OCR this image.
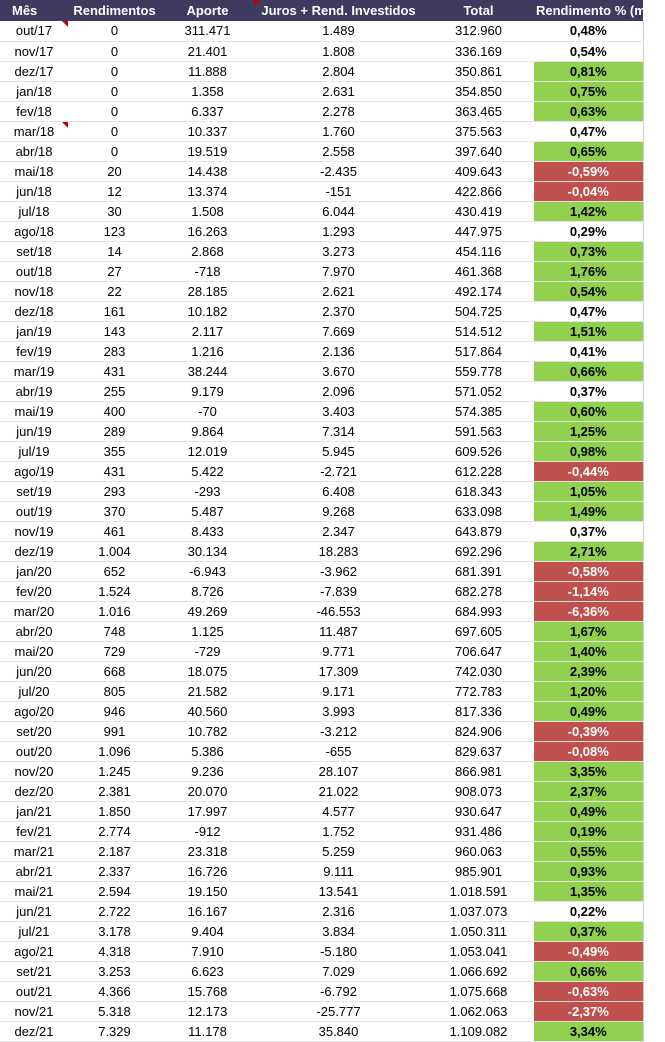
Mês	Rendimentos	Aporte	Juros + Rend. Investidos	Total	Rendimento % (mês)
out/17	0	311.471	1.489	312.960	0,48%
nov/17	0	21.401	1.808	336.169	0,54%
dez/17	0	11.888	2.804	350.861	0,81%
jan/18	0	1.358	2.631	354.850	0,75%
fev/18	0	6.337	2.278	363.465	0,63%
mar/18	0	10.337	1.760	375.563	0,47%
abr/18	0	19.519	2.558	397.640	0,65%
mai/18	20	14.438	-2.435	409.643	-0,59%
jun/18	12	13.374	-151	422.866	-0,04%
jul/18	30	1.508	6.044	430.419	1,42%
ago/18	123	16.263	1.293	447.975	0,29%
set/18	14	2.868	3.273	454.116	0,73%
out/18	27	-718	7.970	461.368	1,76%
nov/18	22	28.185	2.621	492.174	0,54%
dez/18	161	10.182	2.370	504.725	0,47%
jan/19	143	2.117	7.669	514.512	1,51%
fev/19	283	1.216	2.136	517.864	0,41%
mar/19	431	38.244	3.670	559.778	0,66%
abr/19	255	9.179	2.096	571.052	0,37%
mai/19	400	-70	3.403	574.385	0,60%
jun/19	289	9.864	7.314	591.563	1,25%
jul/19	355	12.019	5.945	609.526	0,98%
ago/19	431	5.422	-2.721	612.228	-0,44%
set/19	293	-293	6.408	618.343	1,05%
out/19	370	5.487	9.268	633.098	1,49%
nov/19	461	8.433	2.347	643.879	0,37%
dez/19	1.004	30.134	18.283	692.296	2,71%
jan/20	652	-6.943	-3.962	681.391	-0,58%
fev/20	1.524	8.726	-7.839	682.278	-1,14%
mar/20	1.016	49.269	-46.553	684.993	-6,36%
abr/20	748	1.125	11.487	697.605	1,67%
mai/20	729	-729	9.771	706.647	1,40%
jun/20	668	18.075	17.309	742.030	2,39%
jul/20	805	21.582	9.171	772.783	1,20%
ago/20	946	40.560	3.993	817.336	0,49%
set/20	991	10.782	-3.212	824.906	-0,39%
out/20	1.096	5.386	-655	829.637	-0,08%
nov/20	1.245	9.236	28.107	866.981	3,35%
dez/20	2.381	20.070	21.022	908.073	2,37%
jan/21	1.850	17.997	4.577	930.647	0,49%
fev/21	2.774	-912	1.752	931.486	0,19%
mar/21	2.187	23.318	5.259	960.063	0,55%
abr/21	2.337	16.726	9.111	985.901	0,93%
mai/21	2.594	19.150	13.541	1.018.591	1,35%
jun/21	2.722	16.167	2.316	1.037.073	0,22%
jul/21	3.178	9.404	3.834	1.050.311	0,37%
ago/21	4.318	7.910	-5.180	1.053.041	-0,49%
set/21	3.253	6.623	7.029	1.066.692	0,66%
out/21	4.366	15.768	-6.792	1.075.668	-0,63%
nov/21	5.318	12.173	-25.777	1.062.063	-2,37%
dez/21	7.329	11.178	35.840	1.109.082	3,34%
